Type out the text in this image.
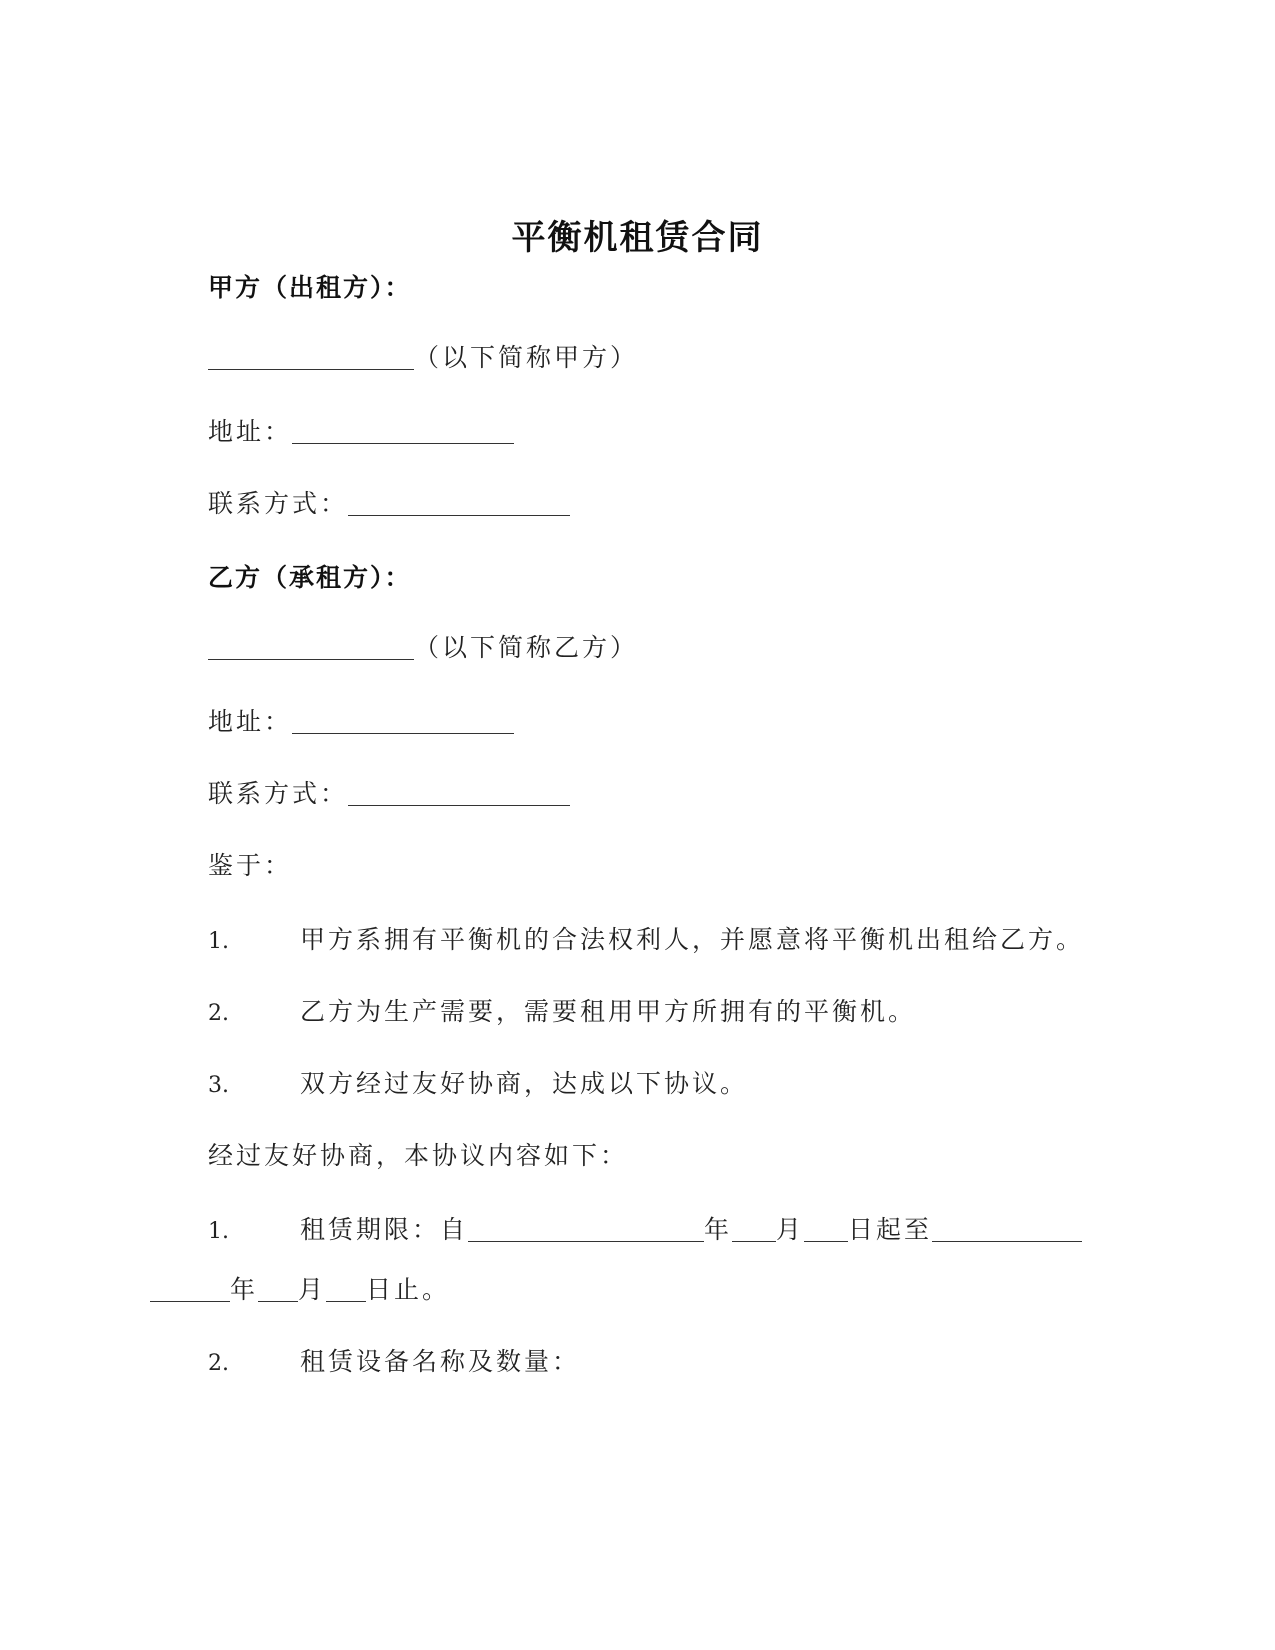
平衡机租赁合同
甲方（出租方）：
（以下简称甲方）
地址：
联系方式：
乙方（承租方）：
（以下简称乙方）
地址：
联系方式：
鉴于：
1.	甲方系拥有平衡机的合法权利人，并愿意将平衡机出租给乙方。
2.	乙方为生产需要，需要租用甲方所拥有的平衡机。
3.	双方经过友好协商，达成以下协议。
经过友好协商，本协议内容如下：
1.	租赁期限：自	年 月 日起至
年 月 日止。
2.	租赁设备名称及数量：
